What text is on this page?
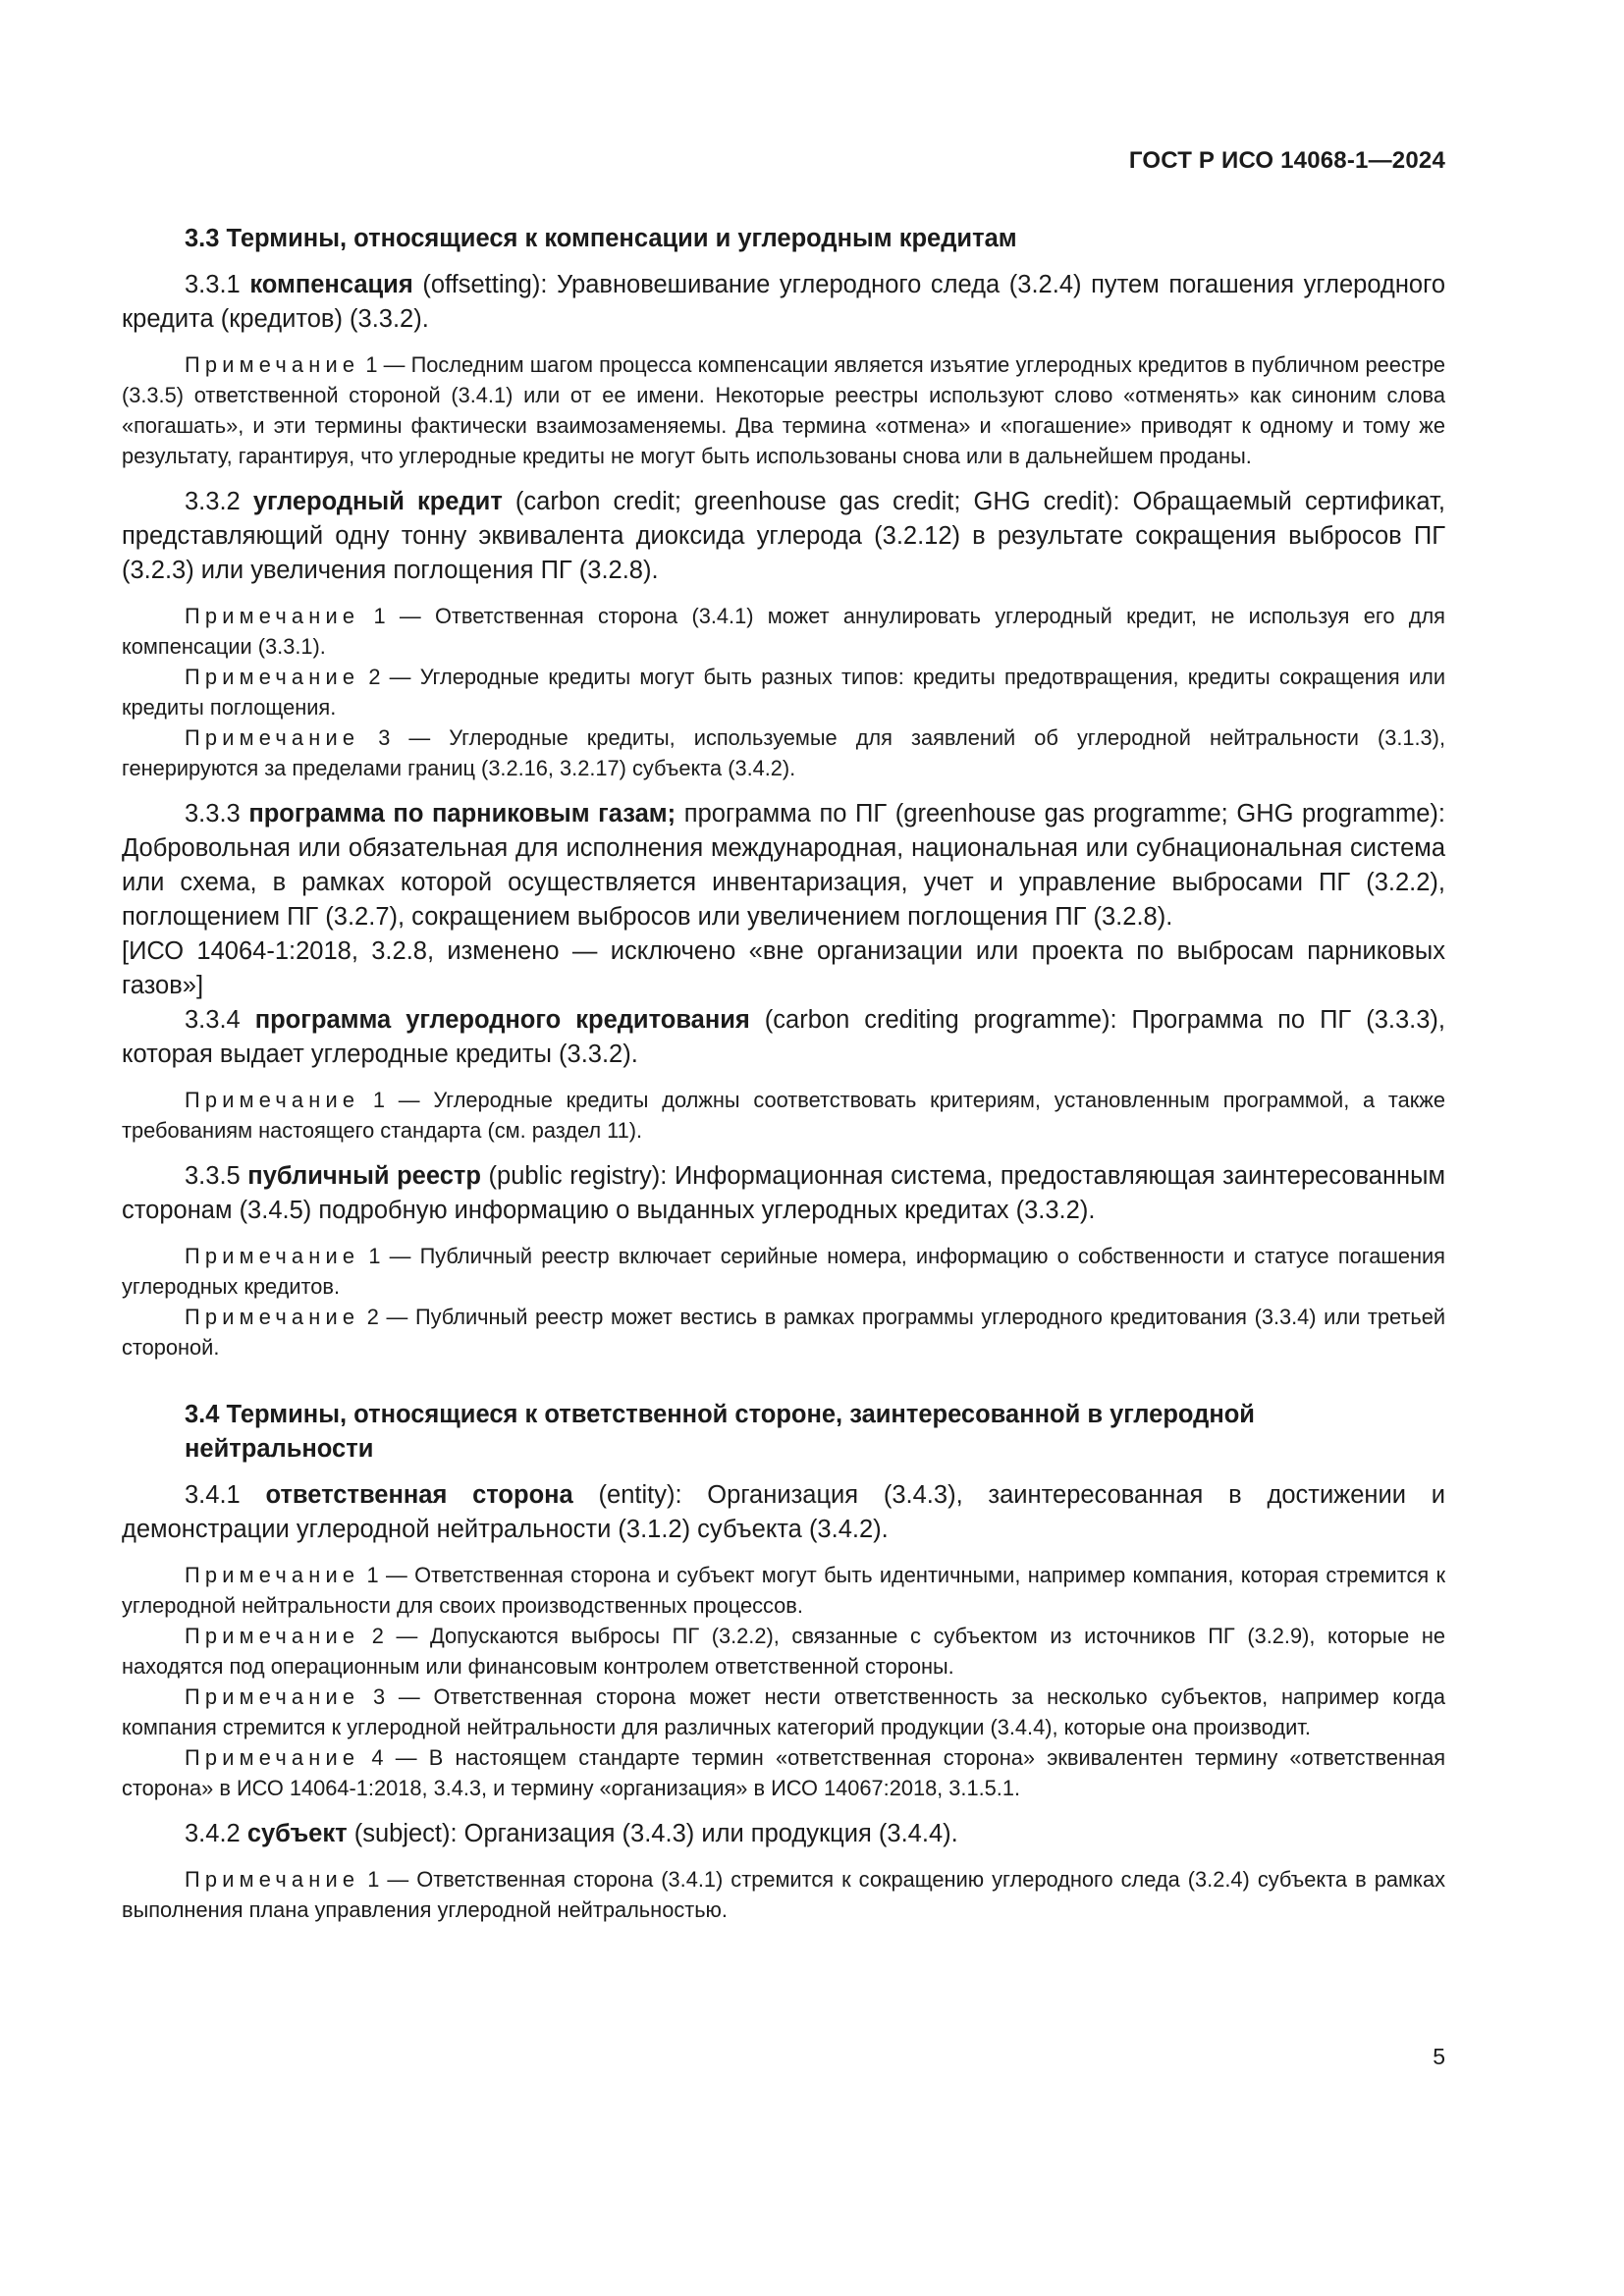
ГОСТ Р ИСО 14068-1—2024

3.3 Термины, относящиеся к компенсации и углеродным кредитам

3.3.1 компенсация (offsetting): Уравновешивание углеродного следа (3.2.4) путем погашения углеродного кредита (кредитов) (3.3.2).

Примечание 1 — Последним шагом процесса компенсации является изъятие углеродных кредитов в публичном реестре (3.3.5) ответственной стороной (3.4.1) или от ее имени. Некоторые реестры используют слово «отменять» как синоним слова «погашать», и эти термины фактически взаимозаменяемы. Два термина «отмена» и «погашение» приводят к одному и тому же результату, гарантируя, что углеродные кредиты не могут быть использованы снова или в дальнейшем проданы.

3.3.2 углеродный кредит (carbon credit; greenhouse gas credit; GHG credit): Обращаемый сертификат, представляющий одну тонну эквивалента диоксида углерода (3.2.12) в результате сокращения выбросов ПГ (3.2.3) или увеличения поглощения ПГ (3.2.8).

Примечание 1 — Ответственная сторона (3.4.1) может аннулировать углеродный кредит, не используя его для компенсации (3.3.1).

Примечание 2 — Углеродные кредиты могут быть разных типов: кредиты предотвращения, кредиты сокращения или кредиты поглощения.

Примечание 3 — Углеродные кредиты, используемые для заявлений об углеродной нейтральности (3.1.3), генерируются за пределами границ (3.2.16, 3.2.17) субъекта (3.4.2).

3.3.3 программа по парниковым газам; программа по ПГ (greenhouse gas programme; GHG programme): Добровольная или обязательная для исполнения международная, национальная или субнациональная система или схема, в рамках которой осуществляется инвентаризация, учет и управление выбросами ПГ (3.2.2), поглощением ПГ (3.2.7), сокращением выбросов или увеличением поглощения ПГ (3.2.8).

[ИСО 14064-1:2018, 3.2.8, изменено — исключено «вне организации или проекта по выбросам парниковых газов»]

3.3.4 программа углеродного кредитования (carbon crediting programme): Программа по ПГ (3.3.3), которая выдает углеродные кредиты (3.3.2).

Примечание 1 — Углеродные кредиты должны соответствовать критериям, установленным программой, а также требованиям настоящего стандарта (см. раздел 11).

3.3.5 публичный реестр (public registry): Информационная система, предоставляющая заинтересованным сторонам (3.4.5) подробную информацию о выданных углеродных кредитах (3.3.2).

Примечание 1 — Публичный реестр включает серийные номера, информацию о собственности и статусе погашения углеродных кредитов.

Примечание 2 — Публичный реестр может вестись в рамках программы углеродного кредитования (3.3.4) или третьей стороной.

3.4 Термины, относящиеся к ответственной стороне, заинтересованной в углеродной нейтральности

3.4.1 ответственная сторона (entity): Организация (3.4.3), заинтересованная в достижении и демонстрации углеродной нейтральности (3.1.2) субъекта (3.4.2).

Примечание 1 — Ответственная сторона и субъект могут быть идентичными, например компания, которая стремится к углеродной нейтральности для своих производственных процессов.

Примечание 2 — Допускаются выбросы ПГ (3.2.2), связанные с субъектом из источников ПГ (3.2.9), которые не находятся под операционным или финансовым контролем ответственной стороны.

Примечание 3 — Ответственная сторона может нести ответственность за несколько субъектов, например когда компания стремится к углеродной нейтральности для различных категорий продукции (3.4.4), которые она производит.

Примечание 4 — В настоящем стандарте термин «ответственная сторона» эквивалентен термину «ответственная сторона» в ИСО 14064-1:2018, 3.4.3, и термину «организация» в ИСО 14067:2018, 3.1.5.1.

3.4.2 субъект (subject): Организация (3.4.3) или продукция (3.4.4).

Примечание 1 — Ответственная сторона (3.4.1) стремится к сокращению углеродного следа (3.2.4) субъекта в рамках выполнения плана управления углеродной нейтральностью.

5
